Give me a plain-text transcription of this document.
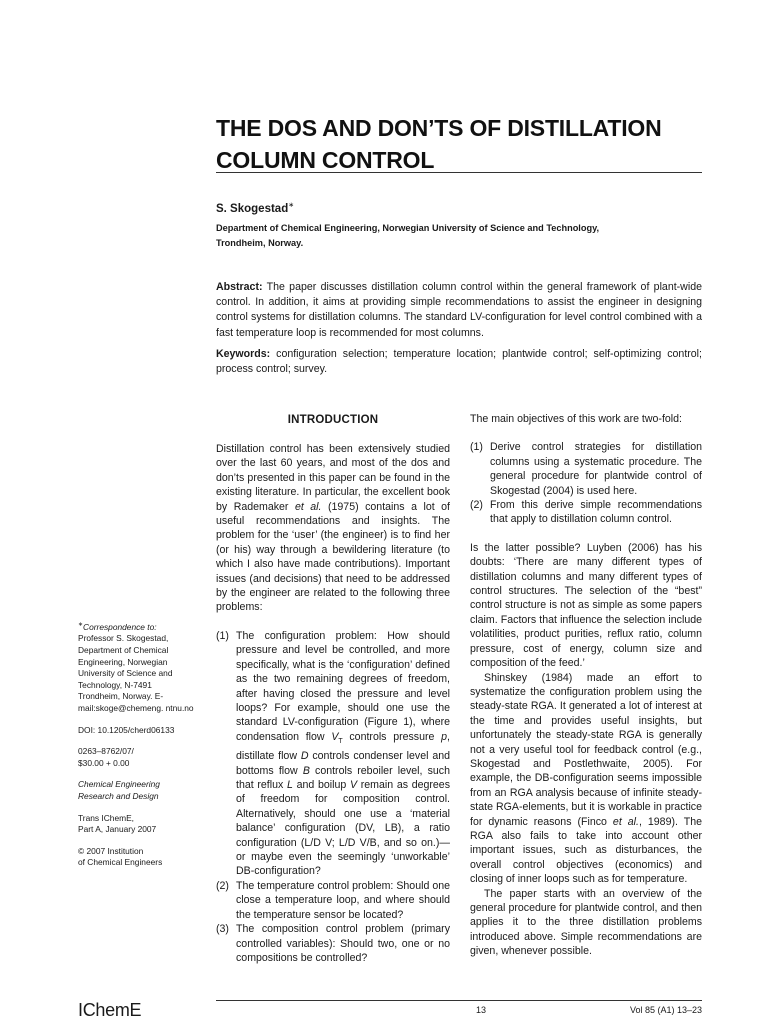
THE DOS AND DON’TS OF DISTILLATION
COLUMN CONTROL
S. Skogestad∗
Department of Chemical Engineering, Norwegian University of Science and Technology,
Trondheim, Norway.
Abstract: The paper discusses distillation column control within the general framework of plant-wide control. In addition, it aims at providing simple recommendations to assist the engineer in designing control systems for distillation columns. The standard LV-configuration for level control combined with a fast temperature loop is recommended for most columns.
Keywords: configuration selection; temperature location; plantwide control; self-optimizing control; process control; survey.
INTRODUCTION

Distillation control has been extensively studied over the last 60 years, and most of the dos and don’ts presented in this paper can be found in the existing literature. In particular, the excellent book by Rademaker et al. (1975) contains a lot of useful recommendations and insights. The problem for the ‘user’ (the engineer) is to find her (or his) way through a bewildering literature (to which I also have made contributions). Important issues (and decisions) that need to be addressed by the engineer are related to the following three problems:

(1) The configuration problem: How should pressure and level be controlled, and more specifically, what is the ‘configuration’ defined as the two remaining degrees of freedom, after having closed the pressure and level loops? For example, should one use the standard LV-configuration (Figure 1), where condensation flow $V_T$ controls pressure p, distillate flow D controls condenser level and bottoms flow B controls reboiler level, such that reflux L and boilup V remain as degrees of freedom for composition control. Alternatively, should one use a ‘material balance’ configuration (DV, LB), a ratio configuration (L/D V; L/D V/B, and so on.)—or maybe even the seemingly ‘unworkable’ DB-configuration?
(2) The temperature control problem: Should one close a temperature loop, and where should the temperature sensor be located?
(3) The composition control problem (primary controlled variables): Should two, one or no compositions be controlled?

The main objectives of this work are two-fold:

(1) Derive control strategies for distillation columns using a systematic procedure. The general procedure for plantwide control of Skogestad (2004) is used here.
(2) From this derive simple recommendations that apply to distillation column control.

Is the latter possible? Luyben (2006) has his doubts: ‘There are many different types of distillation columns and many different types of control structures. The selection of the “best” control structure is not as simple as some papers claim. Factors that influence the selection include volatilities, product purities, reflux ratio, column pressure, cost of energy, column size and composition of the feed.’

Shinskey (1984) made an effort to systematize the configuration problem using the steady-state RGA. It generated a lot of interest at the time and provides useful insights, but unfortunately the steady-state RGA is generally not a very useful tool for feedback control (e.g., Skogestad and Postlethwaite, 2005). For example, the DB-configuration seems impossible from an RGA analysis because of infinite steady-state RGA-elements, but it is workable in practice for dynamic reasons (Finco et al., 1989). The RGA also fails to take into account other important issues, such as disturbances, the overall control objectives (economics) and closing of inner loops such as for temperature.

The paper starts with an overview of the general procedure for plantwide control, and then applies it to the three distillation problems introduced above. Simple recommendations are given, whenever possible.

∗Correspondence to:

Professor S. Skogestad, Department of Chemical Engineering, Norwegian University of Science and Technology, N-7491 Trondheim, Norway. E-mail:skoge@chemeng. ntnu.no

DOI: 10.1205/cherd06133

0263–8762/07/
$30.00 + 0.00

Chemical Engineering
Research and Design

Trans IChemE,
Part A, January 2007

© 2007 Institution
of Chemical Engineers

IChemE	13	Vol 85 (A1) 13–23
